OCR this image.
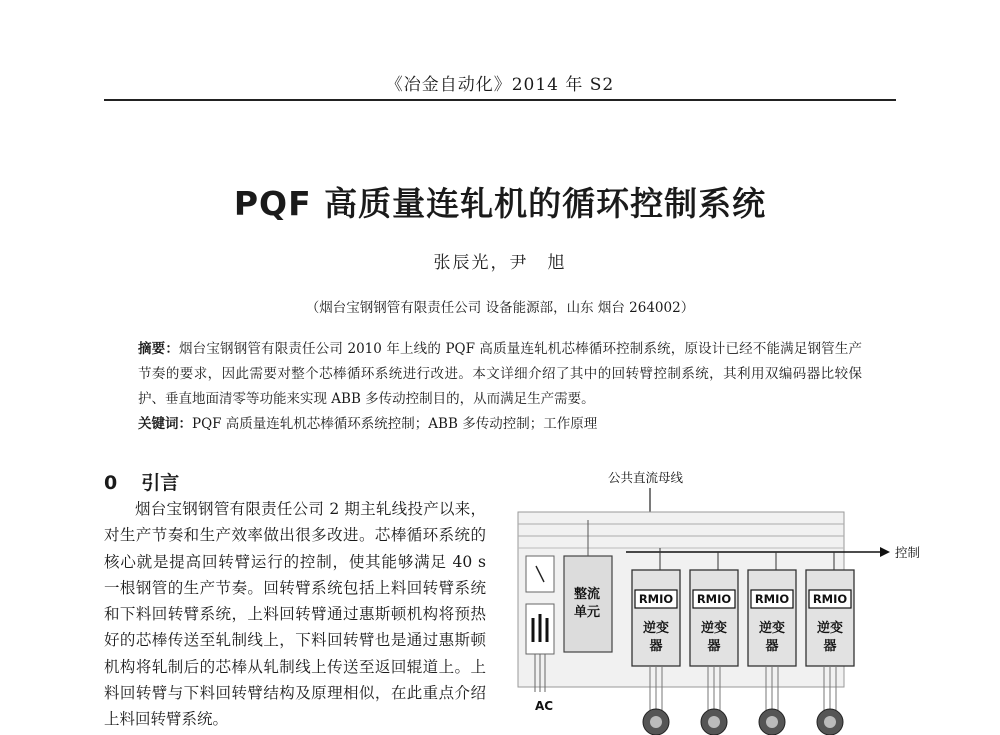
《冶金自动化》2014 年 S2
PQF 高质量连轧机的循环控制系统
张辰光，尹　旭
（烟台宝钢钢管有限责任公司 设备能源部，山东 烟台 264002）
摘要：烟台宝钢钢管有限责任公司 2010 年上线的 PQF 高质量连轧机芯棒循环控制系统，原设计已经不能满足钢管生产节奏的要求，因此需要对整个芯棒循环系统进行改进。本文详细介绍了其中的回转臂控制系统，其利用双编码器比较保护、垂直地面清零等功能来实现 ABB 多传动控制目的，从而满足生产需要。
关键词：PQF 高质量连轧机芯棒循环系统控制；ABB 多传动控制；工作原理
0 引言
烟台宝钢钢管有限责任公司 2 期主轧线投产以来，对生产节奏和生产效率做出很多改进。芯棒循环系统的核心就是提高回转臂运行的控制，使其能够满足 40 s 一根钢管的生产节奏。回转臂系统包括上料回转臂系统和下料回转臂系统，上料回转臂通过惠斯顿机构将预热好的芯棒传送至轧制线上，下料回转臂也是通过惠斯顿机构将轧制后的芯棒从轧制线上传送至返回辊道上。上料回转臂与下料回转臂结构及原理相似，在此重点介绍上料回转臂系统。
公共直流母线
控制
AC
整流
单元
RMIO
逆变
器
RMIO
逆变
器
RMIO
逆变
器
RMIO
逆变
器
